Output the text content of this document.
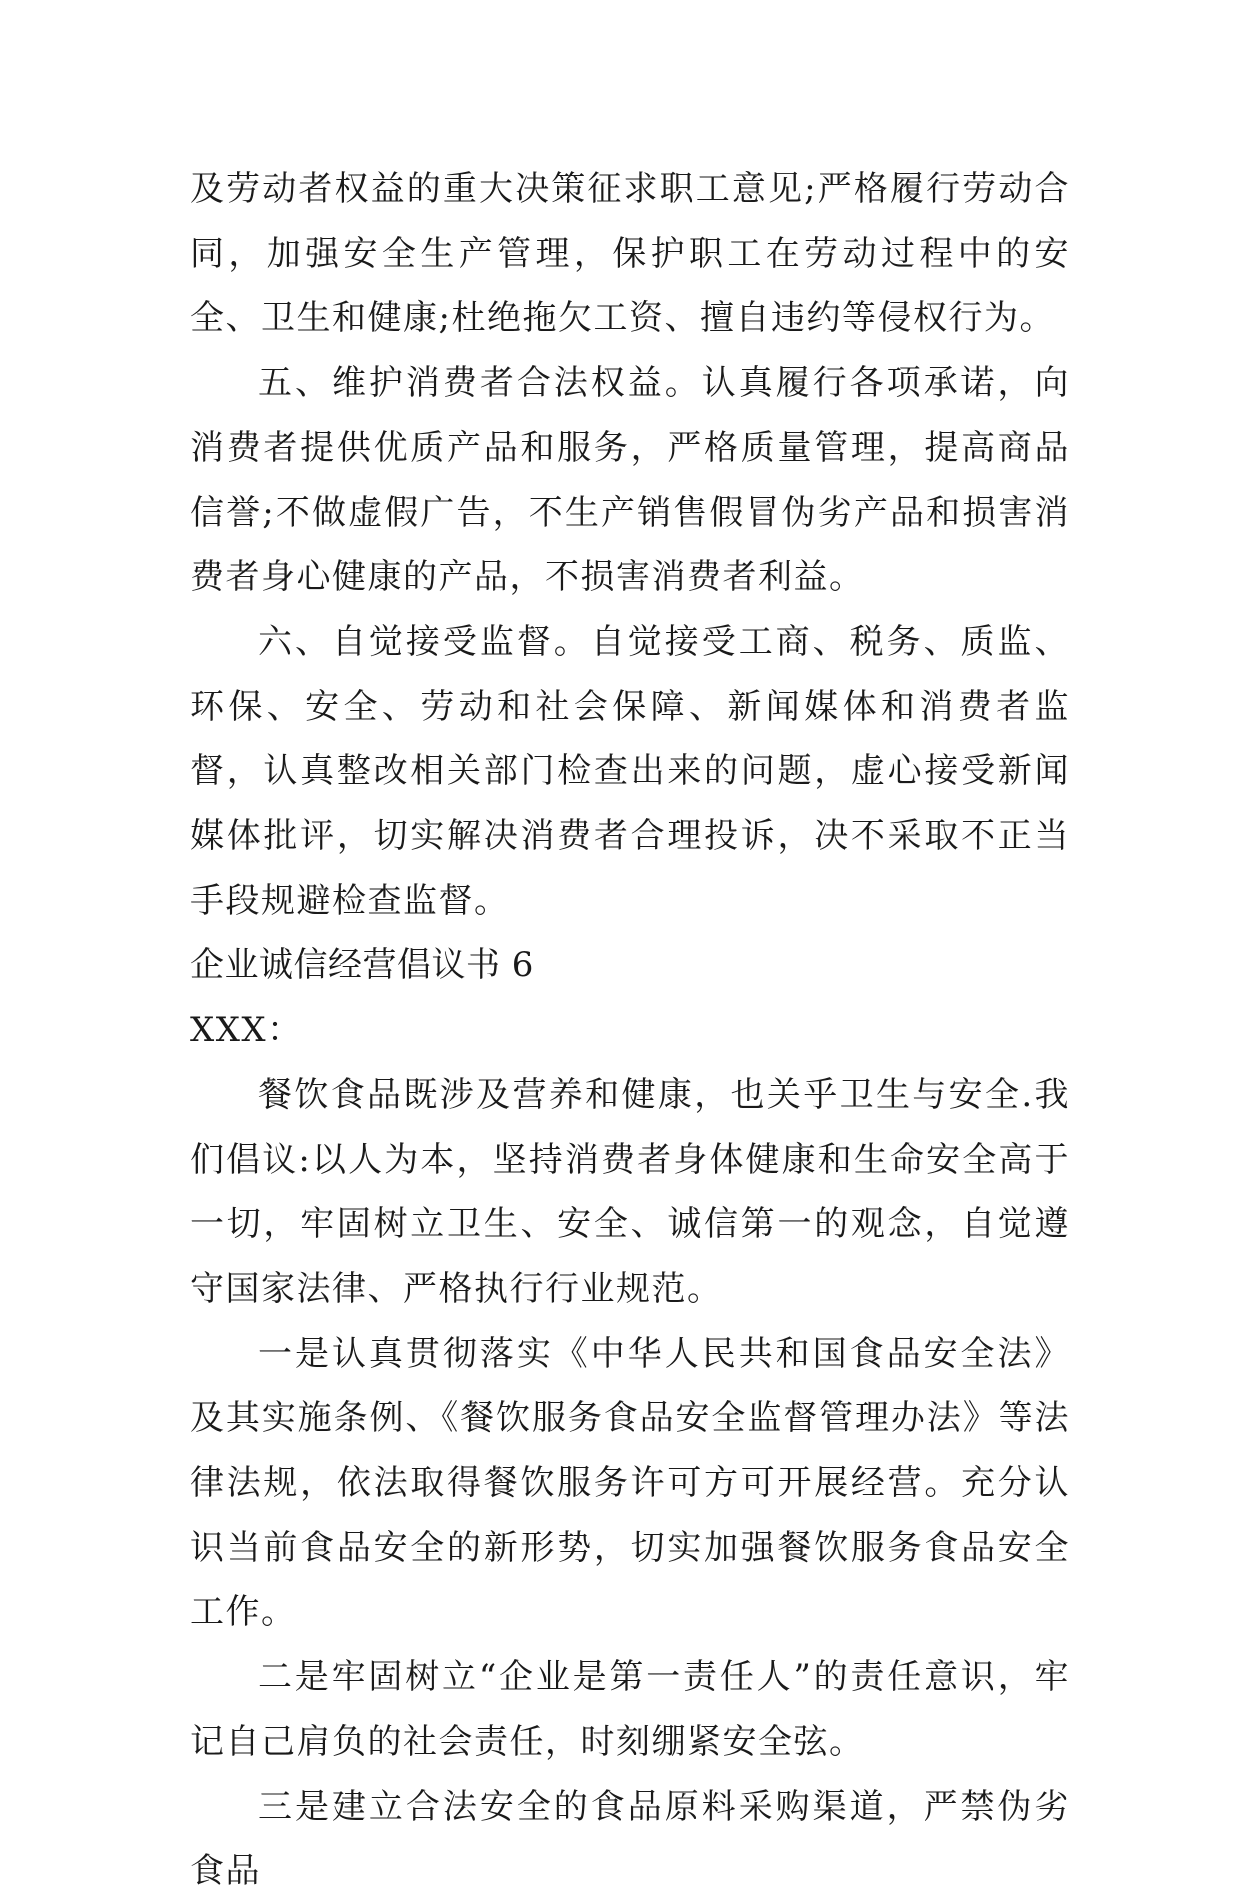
及劳动者权益的重大决策征求职工意见;严格履行劳动合同，加强安全生产管理，保护职工在劳动过程中的安全、卫生和健康;杜绝拖欠工资、擅自违约等侵权行为。

五、维护消费者合法权益。认真履行各项承诺，向消费者提供优质产品和服务，严格质量管理，提高商品信誉;不做虚假广告，不生产销售假冒伪劣产品和损害消费者身心健康的产品，不损害消费者利益。

六、自觉接受监督。自觉接受工商、税务、质监、环保、安全、劳动和社会保障、新闻媒体和消费者监督，认真整改相关部门检查出来的问题，虚心接受新闻媒体批评，切实解决消费者合理投诉，决不采取不正当手段规避检查监督。

企业诚信经营倡议书 6

XXX：

餐饮食品既涉及营养和健康，也关乎卫生与安全.我们倡议:以人为本，坚持消费者身体健康和生命安全高于一切，牢固树立卫生、安全、诚信第一的观念，自觉遵守国家法律、严格执行行业规范。

一是认真贯彻落实《中华人民共和国食品安全法》及其实施条例、《餐饮服务食品安全监督管理办法》等法律法规，依法取得餐饮服务许可方可开展经营。充分认识当前食品安全的新形势，切实加强餐饮服务食品安全工作。

二是牢固树立“企业是第一责任人”的责任意识，牢记自己肩负的社会责任，时刻绷紧安全弦。

三是建立合法安全的食品原料采购渠道，严禁伪劣食品
